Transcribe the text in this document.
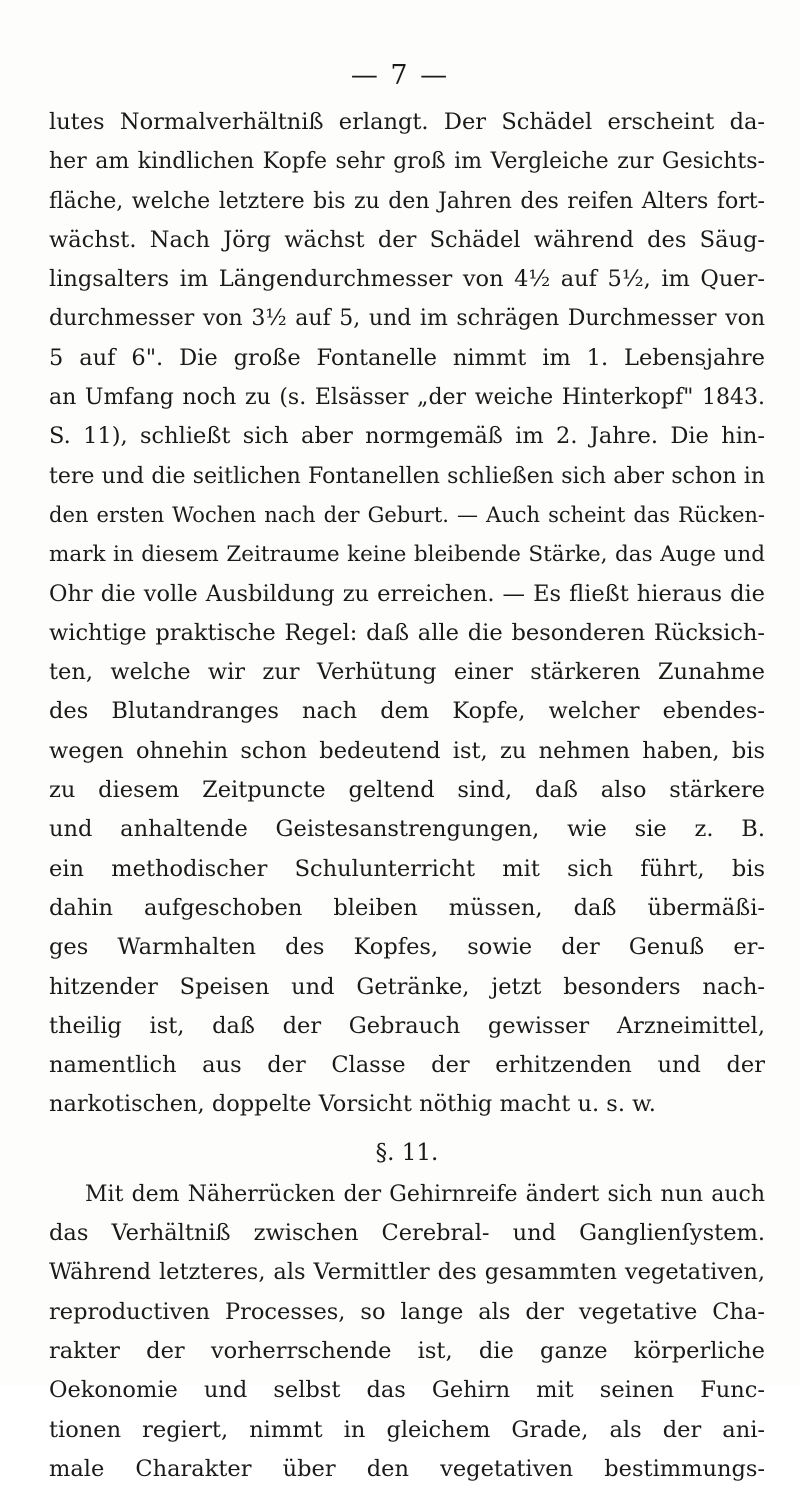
— 7 —
lutes Normalverhältniß erlangt. Der Schädel erscheint da-
her am kindlichen Kopfe sehr groß im Vergleiche zur Gesichts-
fläche, welche letztere bis zu den Jahren des reifen Alters fort-
wächst. Nach Jörg wächst der Schädel während des Säug-
lingsalters im Längendurchmesser von 4½ auf 5½, im Quer-
durchmesser von 3½ auf 5, und im schrägen Durchmesser von
5 auf 6". Die große Fontanelle nimmt im 1. Lebensjahre
an Umfang noch zu (s. Elsässer „der weiche Hinterkopf" 1843.
S. 11), schließt sich aber normgemäß im 2. Jahre. Die hin-
tere und die seitlichen Fontanellen schließen sich aber schon in
den ersten Wochen nach der Geburt. — Auch scheint das Rücken-
mark in diesem Zeitraume keine bleibende Stärke, das Auge und
Ohr die volle Ausbildung zu erreichen. — Es fließt hieraus die
wichtige praktische Regel: daß alle die besonderen Rücksich-
ten, welche wir zur Verhütung einer stärkeren Zunahme
des Blutandranges nach dem Kopfe, welcher ebendes-
wegen ohnehin schon bedeutend ist, zu nehmen haben, bis
zu diesem Zeitpuncte geltend sind, daß also stärkere
und anhaltende Geistesanstrengungen, wie sie z. B.
ein methodischer Schulunterricht mit sich führt, bis
dahin aufgeschoben bleiben müssen, daß übermäßi-
ges Warmhalten des Kopfes, sowie der Genuß er-
hitzender Speisen und Getränke, jetzt besonders nach-
theilig ist, daß der Gebrauch gewisser Arzneimittel,
namentlich aus der Classe der erhitzenden und der
narkotischen, doppelte Vorsicht nöthig macht u. s. w.
§. 11.
Mit dem Näherrücken der Gehirnreife ändert sich nun auch
das Verhältniß zwischen Cerebral- und Ganglienſystem.
Während letzteres, als Vermittler des gesammten vegetativen,
reproductiven Processes, so lange als der vegetative Cha-
rakter der vorherrschende ist, die ganze körperliche
Oekonomie und selbst das Gehirn mit seinen Func-
tionen regiert, nimmt in gleichem Grade, als der ani-
male Charakter über den vegetativen bestimmungs-
